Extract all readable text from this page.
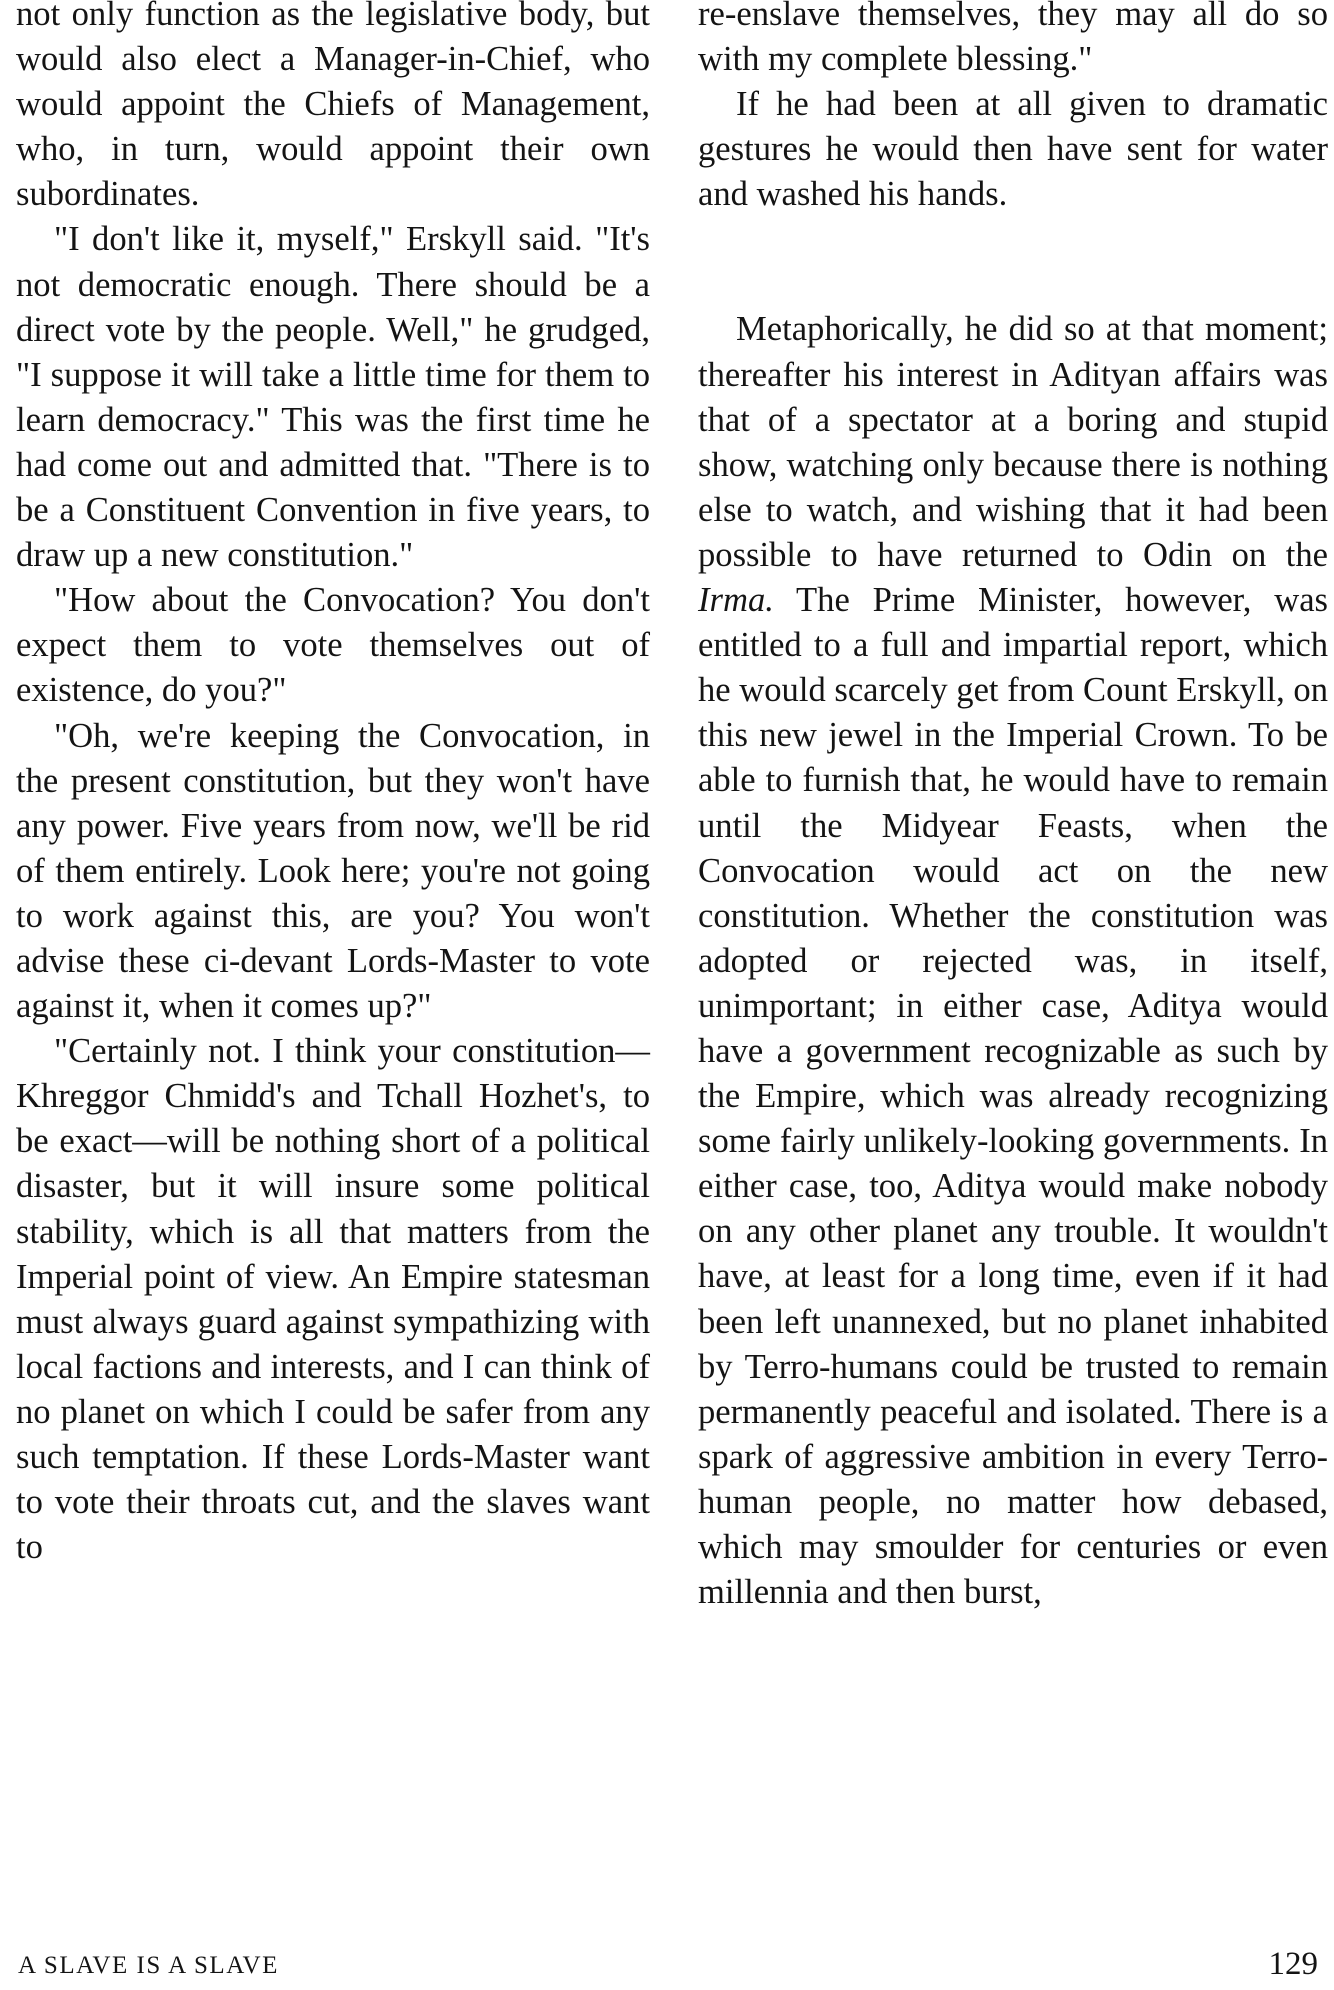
not only function as the legislative body, but would also elect a Manager-in-Chief, who would appoint the Chiefs of Management, who, in turn, would appoint their own subordinates.

"I don't like it, myself," Erskyll said. "It's not democratic enough. There should be a direct vote by the people. Well," he grudged, "I suppose it will take a little time for them to learn democracy." This was the first time he had come out and admitted that. "There is to be a Constituent Convention in five years, to draw up a new constitution."

"How about the Convocation? You don't expect them to vote themselves out of existence, do you?"

"Oh, we're keeping the Convocation, in the present constitution, but they won't have any power. Five years from now, we'll be rid of them entirely. Look here; you're not going to work against this, are you? You won't advise these ci-devant Lords-Master to vote against it, when it comes up?"

"Certainly not. I think your constitution—Khreggor Chmidd's and Tchall Hozhet's, to be exact—will be nothing short of a political disaster, but it will insure some political stability, which is all that matters from the Imperial point of view. An Empire statesman must always guard against sympathizing with local factions and interests, and I can think of no planet on which I could be safer from any such temptation. If these Lords-Master want to vote their throats cut, and the slaves want to

re-enslave themselves, they may all do so with my complete blessing."

If he had been at all given to dramatic gestures he would then have sent for water and washed his hands.

Metaphorically, he did so at that moment; thereafter his interest in Adityan affairs was that of a spectator at a boring and stupid show, watching only because there is nothing else to watch, and wishing that it had been possible to have returned to Odin on the Irma. The Prime Minister, however, was entitled to a full and impartial report, which he would scarcely get from Count Erskyll, on this new jewel in the Imperial Crown. To be able to furnish that, he would have to remain until the Midyear Feasts, when the Convocation would act on the new constitution. Whether the constitution was adopted or rejected was, in itself, unimportant; in either case, Aditya would have a government recognizable as such by the Empire, which was already recognizing some fairly unlikely-looking governments. In either case, too, Aditya would make nobody on any other planet any trouble. It wouldn't have, at least for a long time, even if it had been left unannexed, but no planet inhabited by Terro-humans could be trusted to remain permanently peaceful and isolated. There is a spark of aggressive ambition in every Terro-human people, no matter how debased, which may smoulder for centuries or even millennia and then burst,

A SLAVE IS A SLAVE	129
